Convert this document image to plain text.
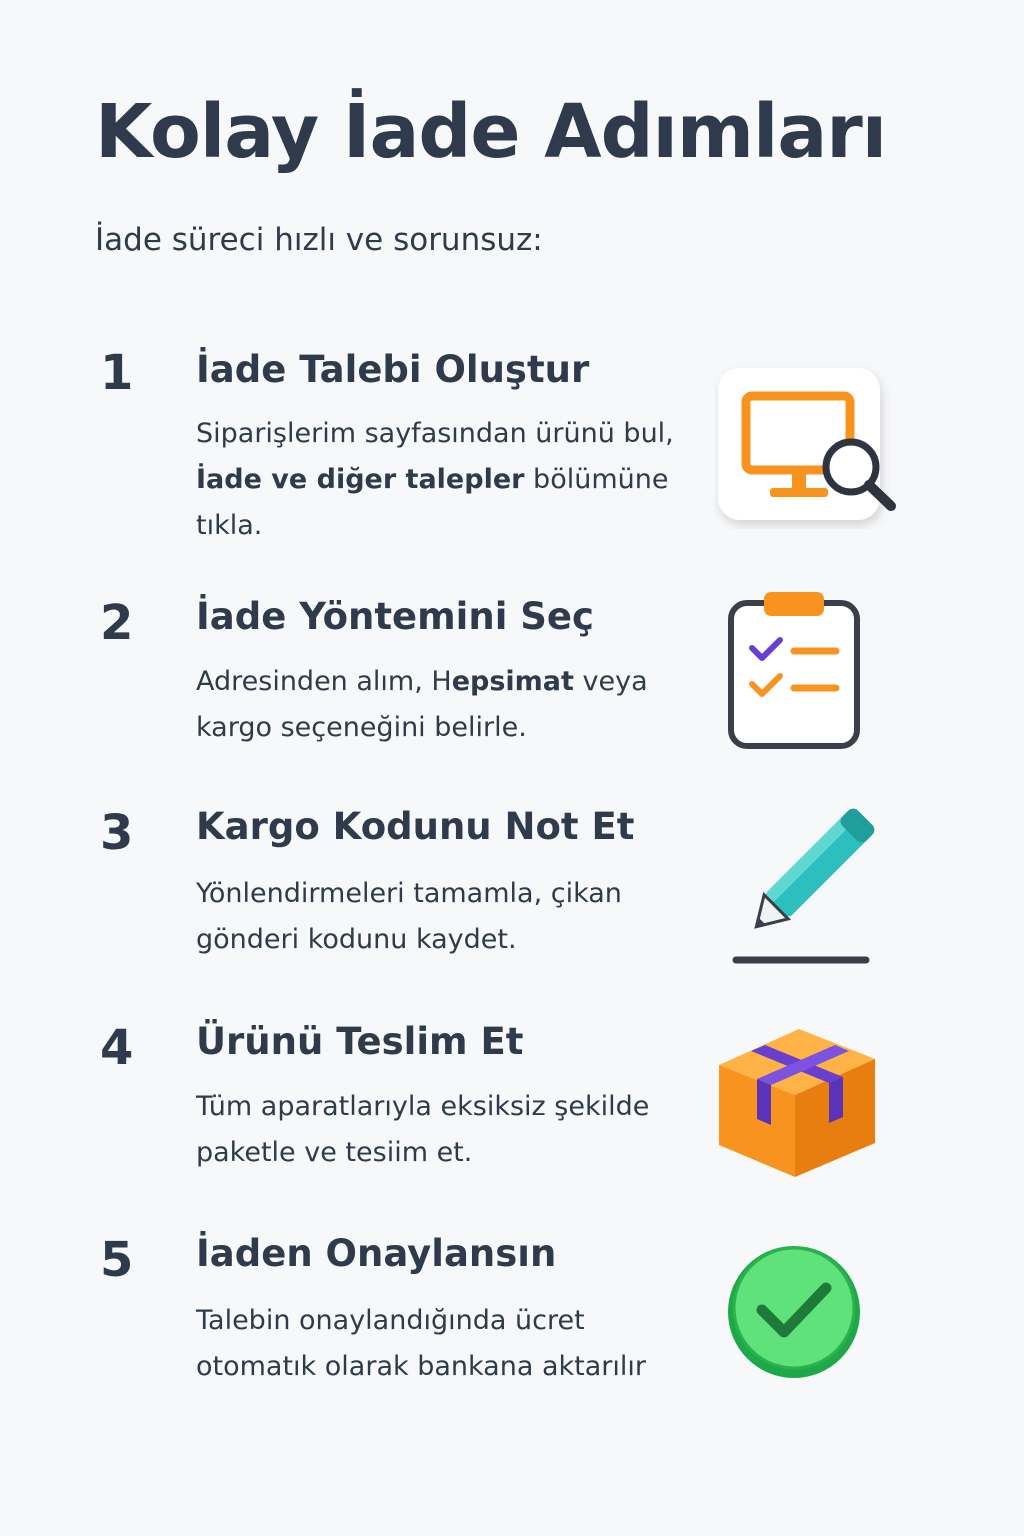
Kolay İade Adımları

İade süreci hızlı ve sorunsuz:

1 İade Talebi Oluştur

Siparişlerim sayfasından ürünü bul, İade ve diğer talepler bölümüne tıkla.

2 İade Yöntemini Seç

Adresinden alım, Hepsimat veya kargo seçeneğini belirle.

3 Kargo Kodunu Not Et

Yönlendirmeleri tamamla, çikan gönderi kodunu kaydet.

4 Ürünü Teslim Et

Tüm aparatlarıyla eksiksiz şekilde paketle ve tesiim et.

5 İaden Onaylansın

Talebin onaylandığında ücret otomatık olarak bankana aktarılır
